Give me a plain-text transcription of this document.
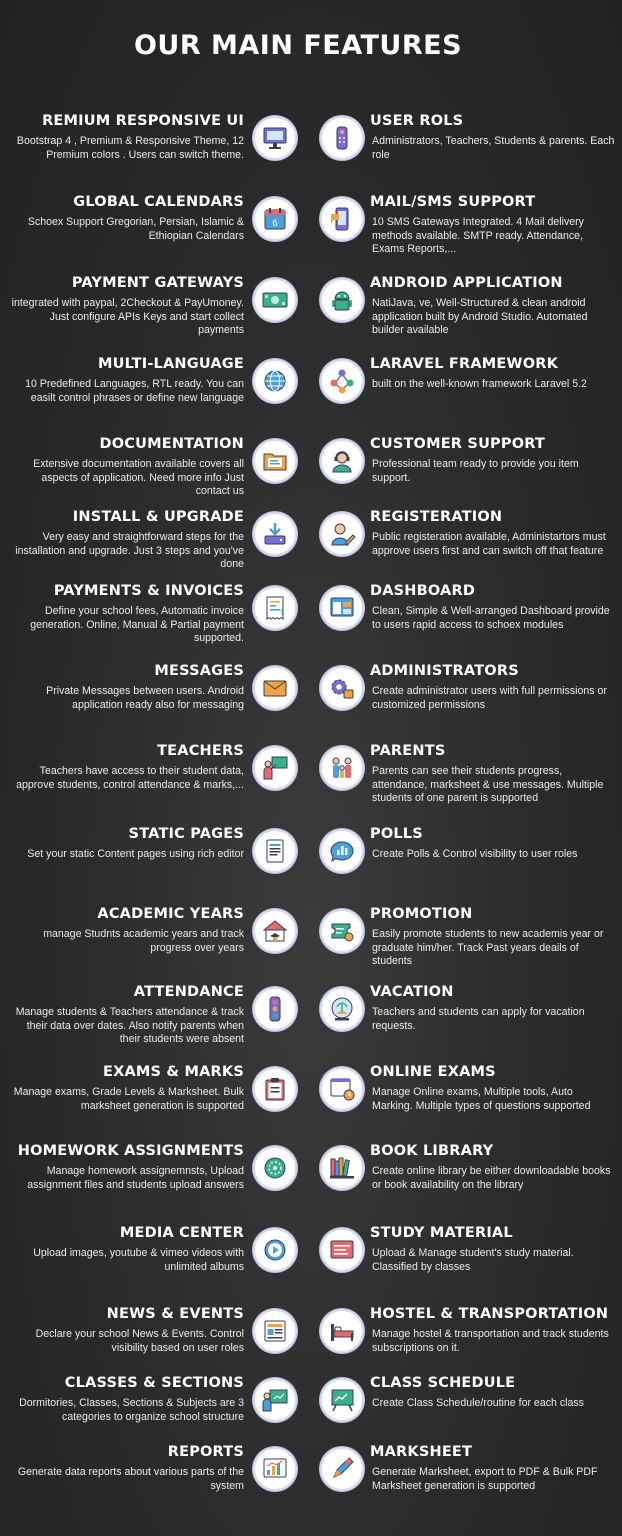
OUR MAIN FEATURES
REMIUM RESPONSIVE UI
Bootstrap 4 , Premium & Responsive Theme, 12 Premium colors . Users can switch theme.
USER ROLS
Administrators, Teachers, Students & parents. Each role
GLOBAL CALENDARS
Schoex Support Gregorian, Persian, Islamic & Ethiopian Calendars
6
MAIL/SMS SUPPORT
10 SMS Gateways Integrated. 4 Mail delivery methods available. SMTP ready. Attendance, Exams Reports,...
PAYMENT GATEWAYS
integrated with paypal, 2Checkout & PayUmoney. Just configure APIs Keys and start collect payments
ANDROID APPLICATION
NatiJava, ve, Well-Structured & clean android application built by Android Studio. Automated builder available
MULTI-LANGUAGE
10 Predefined Languages, RTL ready. You can easilt control phrases or define new language
LARAVEL FRAMEWORK
built on the well-known framework Laravel 5.2
DOCUMENTATION
Extensive documentation available covers all aspects of application. Need more info Just contact us
CUSTOMER SUPPORT
Professional team ready to provide you item support.
INSTALL & UPGRADE
Very easy and straightforward steps for the installation and upgrade. Just 3 steps and you've done
REGISTERATION
Public registeration available, Administartors must approve users first and can switch off that feature
PAYMENTS & INVOICES
Define your school fees, Automatic invoice generation. Online, Manual & Partial payment supported.
$
DASHBOARD
Clean, Simple & Well-arranged Dashboard provide to users rapid access to schoex modules
MESSAGES
Private Messages between users. Android application ready also for messaging
ADMINISTRATORS
Create administrator users with full permissions or customized permissions
TEACHERS
Teachers have access to their student data, approve students, control attendance & marks,...
PARENTS
Parents can see their students progress, attendance, marksheet & use messages. Multiple students of one parent is supported
STATIC PAGES
Set your static Content pages using rich editor
POLLS
Create Polls & Control visibility to user roles
ACADEMIC YEARS
manage Studnts academic years and track progress over years
PROMOTION
Easily promote students to new academis year or graduate him/her. Track Past years deails of students
ATTENDANCE
Manage students & Teachers attendance & track their data over dates. Also notify parents when their students were absent
VACATION
Teachers and students can apply for vacation requests.
EXAMS & MARKS
Manage exams, Grade Levels & Marksheet. Bulk marksheet generation is supported
ONLINE EXAMS
Manage Online exams, Multiple tools, Auto Marking. Multiple types of questions supported
HOMEWORK ASSIGNMENTS
Manage homework assignemnsts, Upload assignment files and students upload answers
BOOK LIBRARY
Create online library be either downloadable books or book availability on the library
MEDIA CENTER
Upload images, youtube & vimeo videos with unlimited albums
STUDY MATERIAL
Upload & Manage student's study material. Classified by classes
NEWS & EVENTS
Declare your school News & Events. Control visibility based on user roles
HOSTEL & TRANSPORTATION
Manage hostel & transportation and track students subscriptions on it.
CLASSES & SECTIONS
Dormitories, Classes, Sections & Subjects are 3 categories to organize school structure
CLASS SCHEDULE
Create Class Schedule/routine for each class
REPORTS
Generate data reports about various parts of the system
MARKSHEET
Generate Marksheet, export to PDF & Bulk PDF Marksheet generation is supported
